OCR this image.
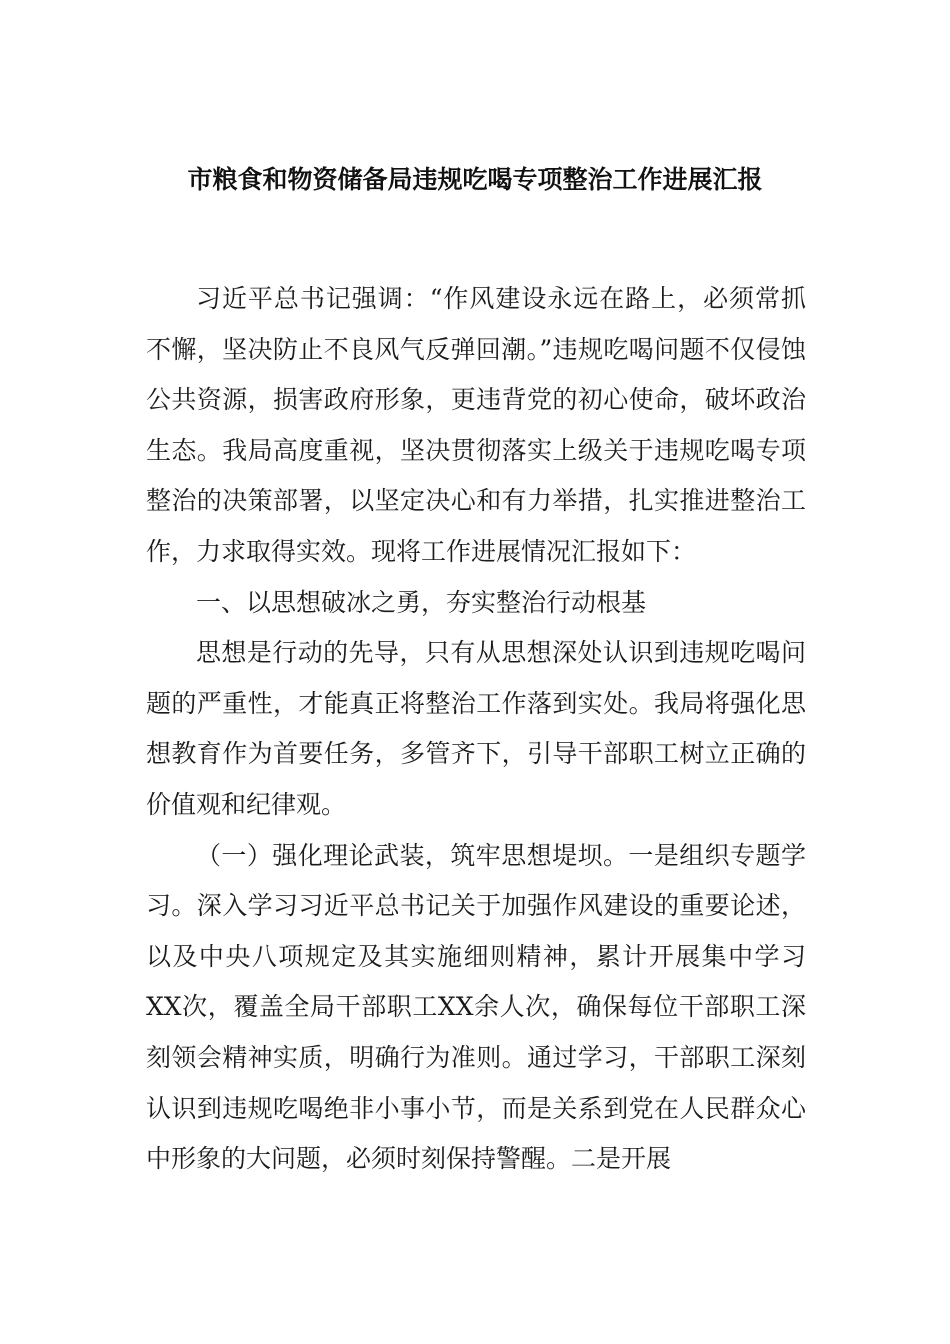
市粮食和物资储备局违规吃喝专项整治工作进展汇报

习近平总书记强调：“作风建设永远在路上，必须常抓不懈，坚决防止不良风气反弹回潮。”违规吃喝问题不仅侵蚀公共资源，损害政府形象，更违背党的初心使命，破坏政治生态。我局高度重视，坚决贯彻落实上级关于违规吃喝专项整治的决策部署，以坚定决心和有力举措，扎实推进整治工作，力求取得实效。现将工作进展情况汇报如下：

一、以思想破冰之勇，夯实整治行动根基

思想是行动的先导，只有从思想深处认识到违规吃喝问题的严重性，才能真正将整治工作落到实处。我局将强化思想教育作为首要任务，多管齐下，引导干部职工树立正确的价值观和纪律观。

（一）强化理论武装，筑牢思想堤坝。一是组织专题学习。深入学习习近平总书记关于加强作风建设的重要论述，以及中央八项规定及其实施细则精神，累计开展集中学习XX次，覆盖全局干部职工XX余人次，确保每位干部职工深刻领会精神实质，明确行为准则。通过学习，干部职工深刻认识到违规吃喝绝非小事小节，而是关系到党在人民群众心中形象的大问题，必须时刻保持警醒。二是开展
